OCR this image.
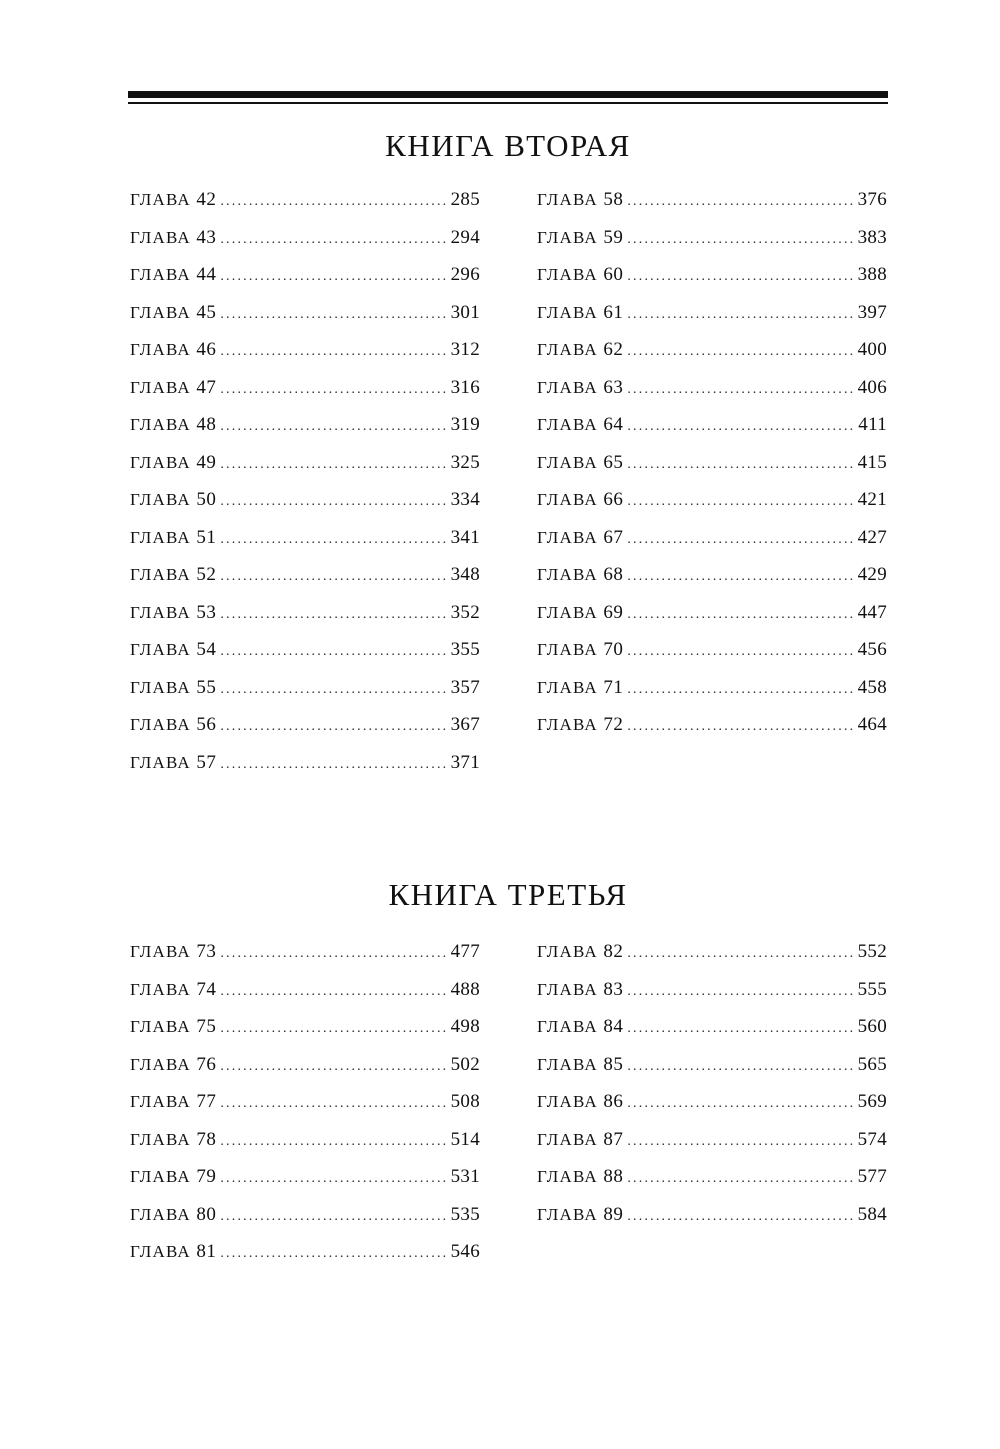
КНИГА ВТОРАЯ
ГЛАВА 42 .....	285
ГЛАВА 43 .....	294
ГЛАВА 44 .....	296
ГЛАВА 45 .....	301
ГЛАВА 46 .....	312
ГЛАВА 47 .....	316
ГЛАВА 48 .....	319
ГЛАВА 49 .....	325
ГЛАВА 50 .....	334
ГЛАВА 51 .....	341
ГЛАВА 52 .....	348
ГЛАВА 53 .....	352
ГЛАВА 54 .....	355
ГЛАВА 55 .....	357
ГЛАВА 56 .....	367
ГЛАВА 57 .....	371
ГЛАВА 58 .....	376
ГЛАВА 59 .....	383
ГЛАВА 60 .....	388
ГЛАВА 61 .....	397
ГЛАВА 62 .....	400
ГЛАВА 63 .....	406
ГЛАВА 64 .....	411
ГЛАВА 65 .....	415
ГЛАВА 66 .....	421
ГЛАВА 67 .....	427
ГЛАВА 68 .....	429
ГЛАВА 69 .....	447
ГЛАВА 70 .....	456
ГЛАВА 71 .....	458
ГЛАВА 72 .....	464
КНИГА ТРЕТЬЯ
ГЛАВА 73 .....	477
ГЛАВА 74 .....	488
ГЛАВА 75 .....	498
ГЛАВА 76 .....	502
ГЛАВА 77 .....	508
ГЛАВА 78 .....	514
ГЛАВА 79 .....	531
ГЛАВА 80 .....	535
ГЛАВА 81 .....	546
ГЛАВА 82 .....	552
ГЛАВА 83 .....	555
ГЛАВА 84 .....	560
ГЛАВА 85 .....	565
ГЛАВА 86 .....	569
ГЛАВА 87 .....	574
ГЛАВА 88 .....	577
ГЛАВА 89 .....	584
